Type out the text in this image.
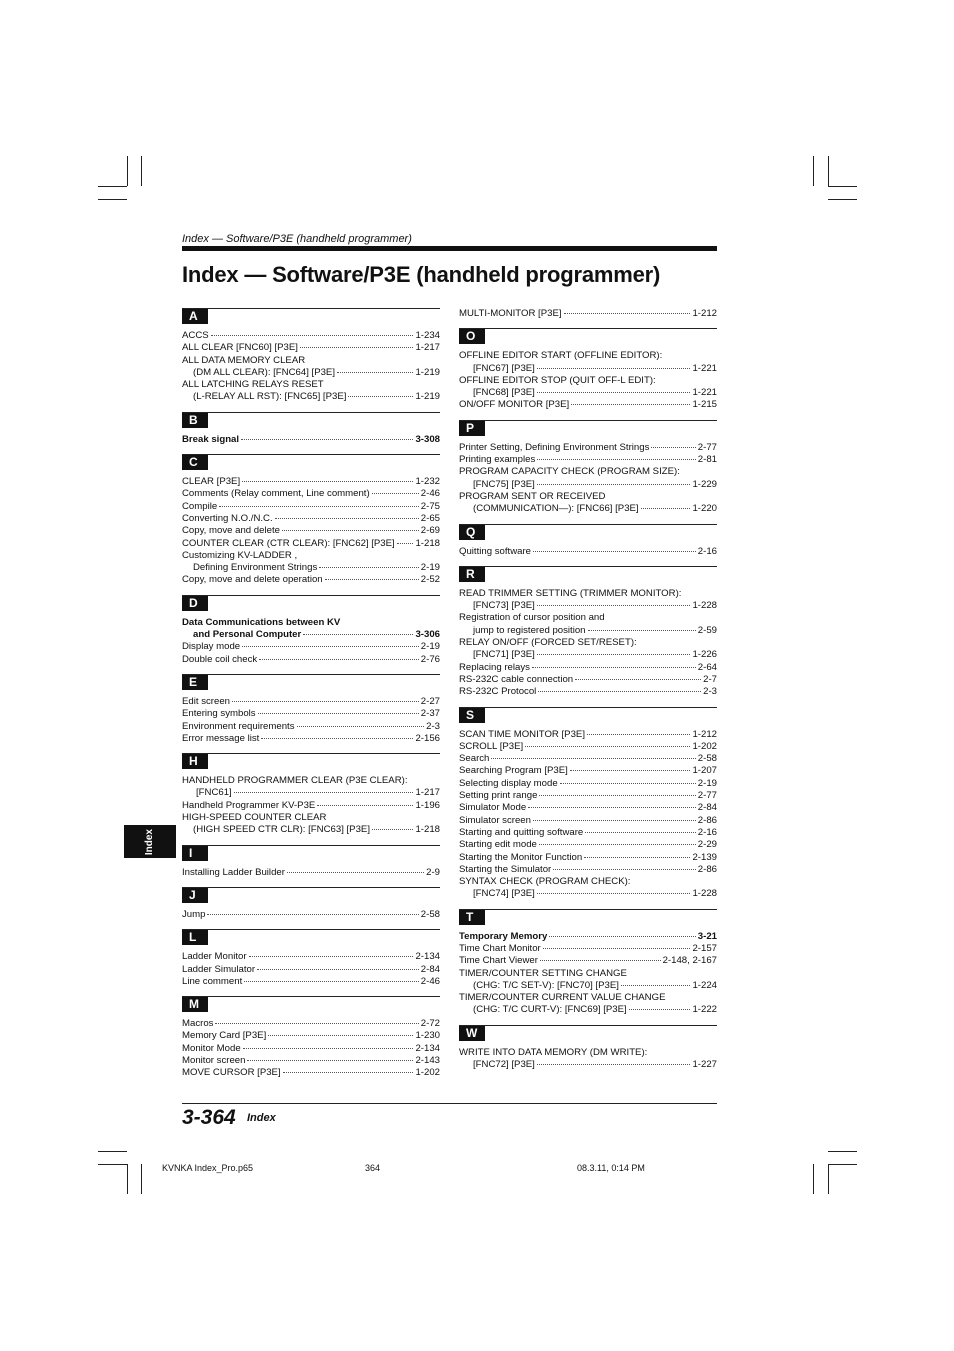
Index — Software/P3E (handheld programmer)
Index — Software/P3E (handheld programmer)
A
ACCS	1-234
ALL CLEAR [FNC60] [P3E]	1-217
ALL DATA MEMORY CLEAR
(DM ALL CLEAR): [FNC64] [P3E]	1-219
ALL LATCHING RELAYS RESET
(L-RELAY ALL RST): [FNC65] [P3E]	1-219
B
Break signal	3-308
C
CLEAR [P3E]	1-232
Comments (Relay comment, Line comment)	2-46
Compile	2-75
Converting N.O./N.C.	2-65
Copy, move and delete	2-69
COUNTER CLEAR (CTR CLEAR): [FNC62] [P3E] 1-218
Customizing KV-LADDER ,
Defining Environment Strings	2-19
Copy, move and delete operation	2-52
D
Data Communications between KV
and Personal Computer	3-306
Display mode	2-19
Double coil check	2-76
E
Edit screen	2-27
Entering symbols	2-37
Environment requirements	2-3
Error message list	2-156
H
HANDHELD PROGRAMMER CLEAR (P3E CLEAR):
[FNC61]	1-217
Handheld Programmer KV-P3E	1-196
HIGH-SPEED COUNTER CLEAR
(HIGH SPEED CTR CLR): [FNC63] [P3E]	1-218
I
Installing Ladder Builder	2-9
J
Jump	2-58
L
Ladder Monitor	2-134
Ladder Simulator	2-84
Line comment	2-46
M
Macros	2-72
Memory Card [P3E]	1-230
Monitor Mode	2-134
Monitor screen	2-143
MOVE CURSOR [P3E]	1-202
MULTI-MONITOR [P3E]	1-212
O
OFFLINE EDITOR START (OFFLINE EDITOR):
[FNC67] [P3E]	1-221
OFFLINE EDITOR STOP (QUIT OFF-L EDIT):
[FNC68] [P3E]	1-221
ON/OFF MONITOR [P3E]	1-215
P
Printer Setting, Defining Environment Strings	2-77
Printing examples	2-81
PROGRAM CAPACITY CHECK (PROGRAM SIZE):
[FNC75] [P3E]	1-229
PROGRAM SENT OR RECEIVED
(COMMUNICATION—): [FNC66] [P3E]	1-220
Q
Quitting software	2-16
R
READ TRIMMER SETTING (TRIMMER MONITOR):
[FNC73] [P3E]	1-228
Registration of cursor position and
jump to registered position	2-59
RELAY ON/OFF (FORCED SET/RESET):
[FNC71] [P3E]	1-226
Replacing relays	2-64
RS-232C cable connection	2-7
RS-232C Protocol	2-3
S
SCAN TIME MONITOR [P3E]	1-212
SCROLL [P3E]	1-202
Search	2-58
Searching Program [P3E]	1-207
Selecting display mode	2-19
Setting print range	2-77
Simulator Mode	2-84
Simulator screen	2-86
Starting and quitting software	2-16
Starting edit mode	2-29
Starting the Monitor Function	2-139
Starting the Simulator	2-86
SYNTAX CHECK (PROGRAM CHECK):
[FNC74] [P3E]	1-228
T
Temporary Memory	3-21
Time Chart Monitor	2-157
Time Chart Viewer	2-148, 2-167
TIMER/COUNTER SETTING CHANGE
(CHG: T/C SET-V): [FNC70] [P3E]	1-224
TIMER/COUNTER CURRENT VALUE CHANGE
(CHG: T/C CURT-V): [FNC69] [P3E]	1-222
W
WRITE INTO DATA MEMORY (DM WRITE):
[FNC72] [P3E]	1-227
Index
3-364 Index
KVNKA Index_Pro.p65	364	08.3.11, 0:14 PM
